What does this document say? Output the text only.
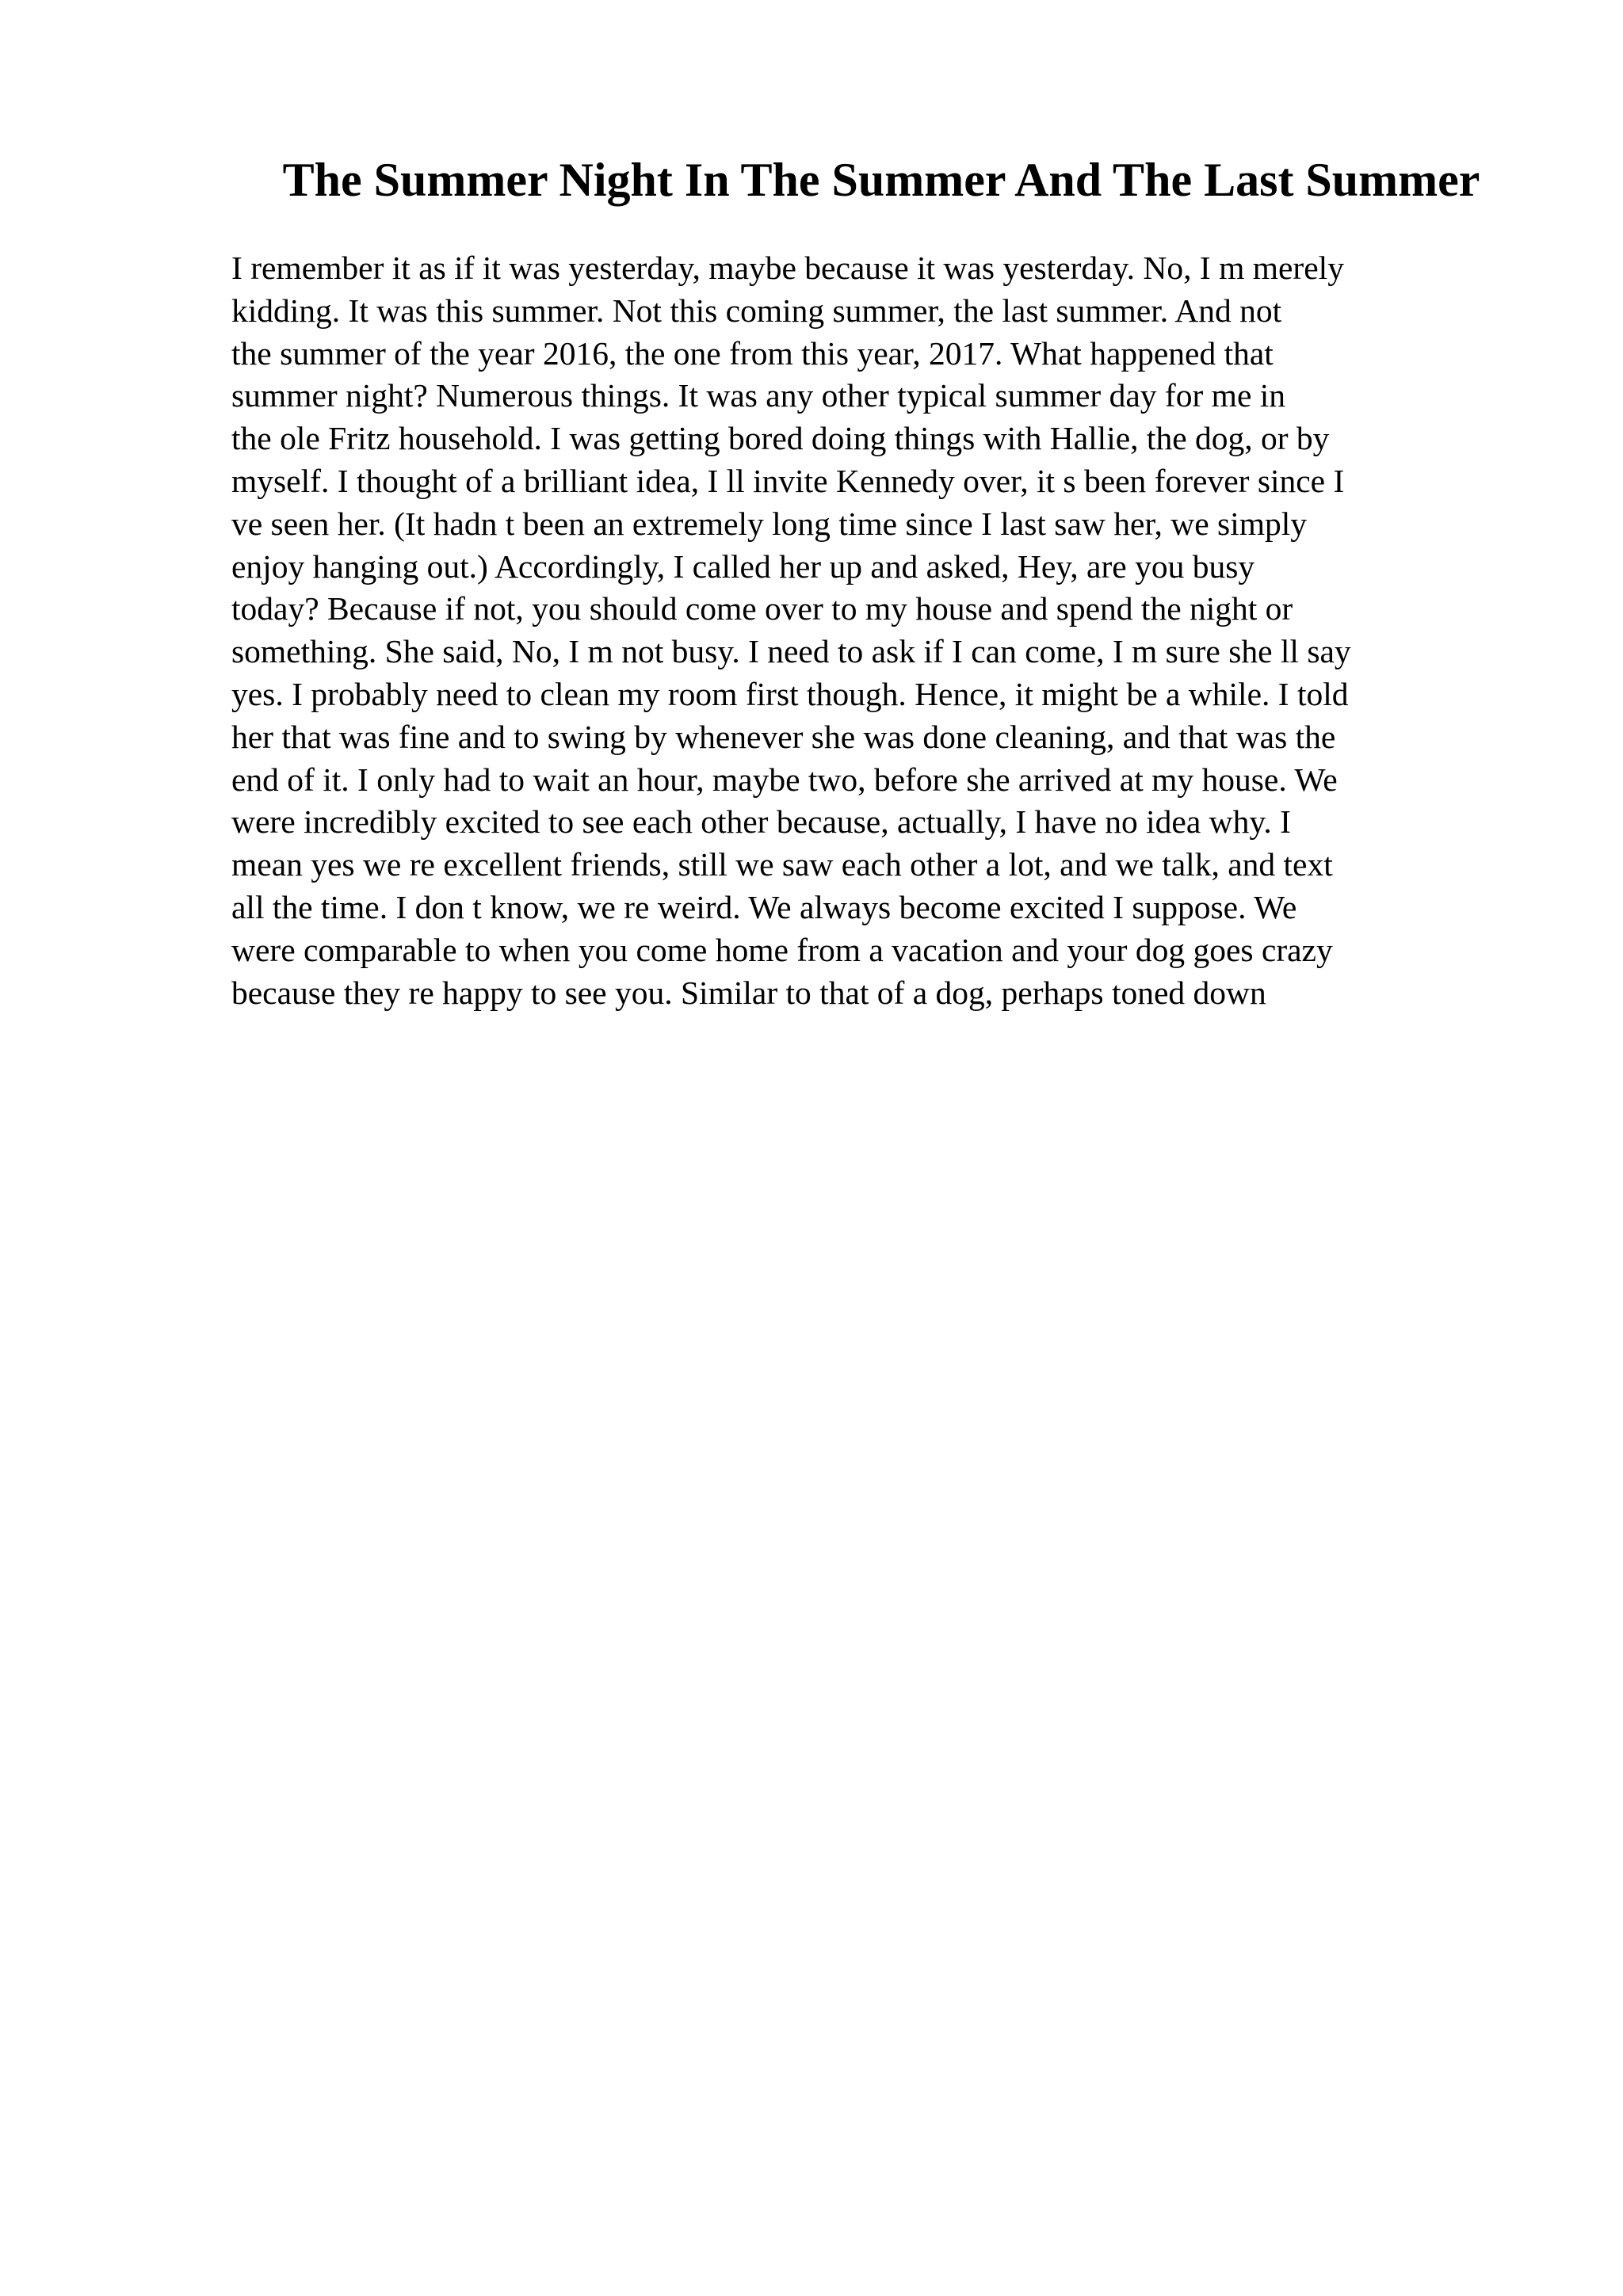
The Summer Night In The Summer And The Last Summer
I remember it as if it was yesterday, maybe because it was yesterday. No, I m merely
kidding. It was this summer. Not this coming summer, the last summer. And not
the summer of the year 2016, the one from this year, 2017. What happened that
summer night? Numerous things. It was any other typical summer day for me in
the ole Fritz household. I was getting bored doing things with Hallie, the dog, or by
myself. I thought of a brilliant idea, I ll invite Kennedy over, it s been forever since I
ve seen her. (It hadn t been an extremely long time since I last saw her, we simply
enjoy hanging out.) Accordingly, I called her up and asked, Hey, are you busy
today? Because if not, you should come over to my house and spend the night or
something. She said, No, I m not busy. I need to ask if I can come, I m sure she ll say
yes. I probably need to clean my room first though. Hence, it might be a while. I told
her that was fine and to swing by whenever she was done cleaning, and that was the
end of it. I only had to wait an hour, maybe two, before she arrived at my house. We
were incredibly excited to see each other because, actually, I have no idea why. I
mean yes we re excellent friends, still we saw each other a lot, and we talk, and text
all the time. I don t know, we re weird. We always become excited I suppose. We
were comparable to when you come home from a vacation and your dog goes crazy
because they re happy to see you. Similar to that of a dog, perhaps toned down
